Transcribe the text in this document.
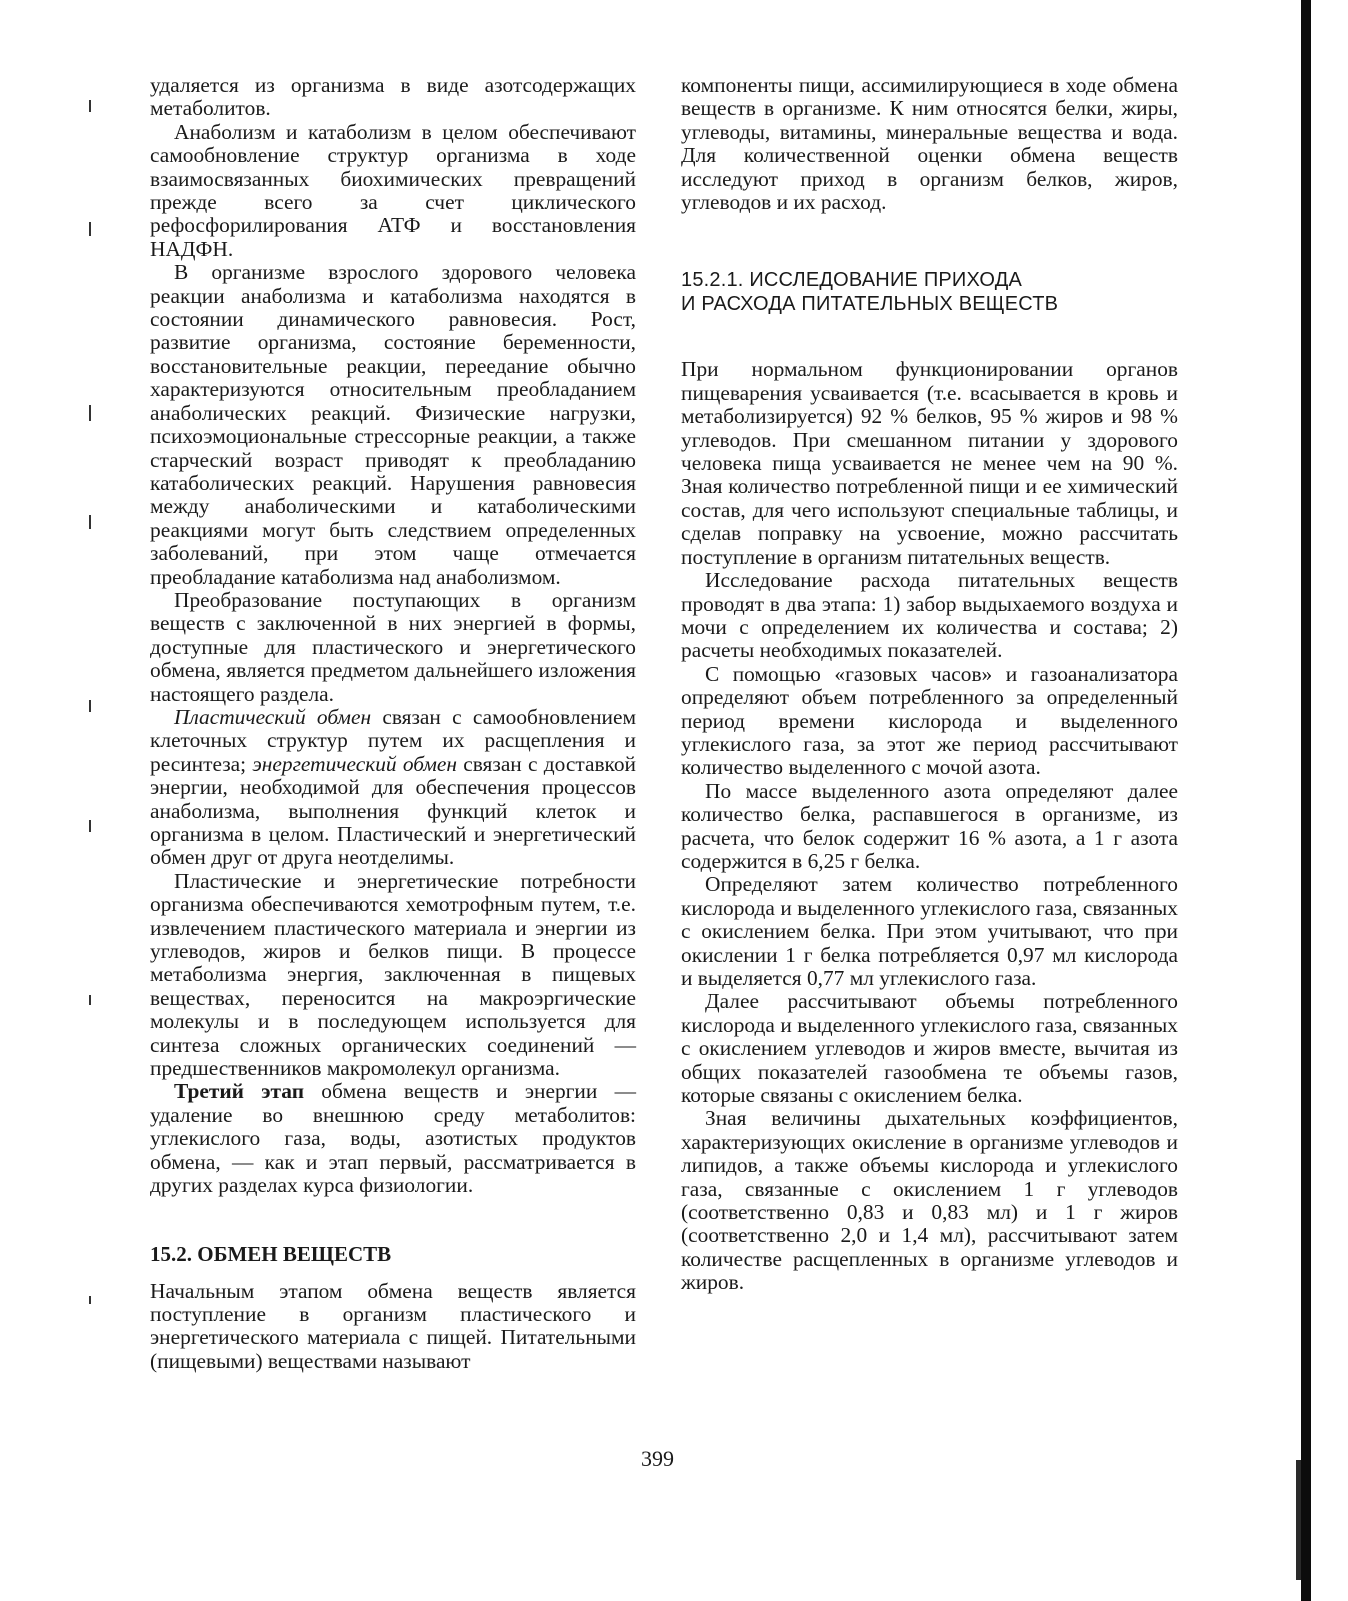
удаляется из организма в виде азотсодержащих метаболитов.

Анаболизм и катаболизм в целом обеспечивают самообновление структур организма в ходе взаимосвязанных биохимических превращений прежде всего за счет циклического рефосфорилирования АТФ и восстановления НАДФН.

В организме взрослого здорового человека реакции анаболизма и катаболизма находятся в состоянии динамического равновесия. Рост, развитие организма, состояние беременности, восстановительные реакции, переедание обычно характеризуются относительным преобладанием анаболических реакций. Физические нагрузки, психоэмоциональные стрессорные реакции, а также старческий возраст приводят к преобладанию катаболических реакций. Нарушения равновесия между анаболическими и катаболическими реакциями могут быть следствием определенных заболеваний, при этом чаще отмечается преобладание катаболизма над анаболизмом.

Преобразование поступающих в организм веществ с заключенной в них энергией в формы, доступные для пластического и энергетического обмена, является предметом дальнейшего изложения настоящего раздела.

Пластический обмен связан с самообновлением клеточных структур путем их расщепления и ресинтеза; энергетический обмен связан с доставкой энергии, необходимой для обеспечения процессов анаболизма, выполнения функций клеток и организма в целом. Пластический и энергетический обмен друг от друга неотделимы.

Пластические и энергетические потребности организма обеспечиваются хемотрофным путем, т.е. извлечением пластического материала и энергии из углеводов, жиров и белков пищи. В процессе метаболизма энергия, заключенная в пищевых веществах, переносится на макроэргические молекулы и в последующем используется для синтеза сложных органических соединений — предшественников макромолекул организма.

Третий этап обмена веществ и энергии — удаление во внешнюю среду метаболитов: углекислого газа, воды, азотистых продуктов обмена, — как и этап первый, рассматривается в других разделах курса физиологии.

15.2. ОБМЕН ВЕЩЕСТВ

Начальным этапом обмена веществ является поступление в организм пластического и энергетического материала с пищей. Питательными (пищевыми) веществами называют

компоненты пищи, ассимилирующиеся в ходе обмена веществ в организме. К ним относятся белки, жиры, углеводы, витамины, минеральные вещества и вода. Для количественной оценки обмена веществ исследуют приход в организм белков, жиров, углеводов и их расход.

15.2.1. ИССЛЕДОВАНИЕ ПРИХОДА

И РАСХОДА ПИТАТЕЛЬНЫХ ВЕЩЕСТВ

При нормальном функционировании органов пищеварения усваивается (т.е. всасывается в кровь и метаболизируется) 92 % белков, 95 % жиров и 98 % углеводов. При смешанном питании у здорового человека пища усваивается не менее чем на 90 %. Зная количество потребленной пищи и ее химический состав, для чего используют специальные таблицы, и сделав поправку на усвоение, можно рассчитать поступление в организм питательных веществ.

Исследование расхода питательных веществ проводят в два этапа: 1) забор выдыхаемого воздуха и мочи с определением их количества и состава; 2) расчеты необходимых показателей.

С помощью «газовых часов» и газоанализатора определяют объем потребленного за определенный период времени кислорода и выделенного углекислого газа, за этот же период рассчитывают количество выделенного с мочой азота.

По массе выделенного азота определяют далее количество белка, распавшегося в организме, из расчета, что белок содержит 16 % азота, а 1 г азота содержится в 6,25 г белка.

Определяют затем количество потребленного кислорода и выделенного углекислого газа, связанных с окислением белка. При этом учитывают, что при окислении 1 г белка потребляется 0,97 мл кислорода и выделяется 0,77 мл углекислого газа.

Далее рассчитывают объемы потребленного кислорода и выделенного углекислого газа, связанных с окислением углеводов и жиров вместе, вычитая из общих показателей газообмена те объемы газов, которые связаны с окислением белка.

Зная величины дыхательных коэффициентов, характеризующих окисление в организме углеводов и липидов, а также объемы кислорода и углекислого газа, связанные с окислением 1 г углеводов (соответственно 0,83 и 0,83 мл) и 1 г жиров (соответственно 2,0 и 1,4 мл), рассчитывают затем количестве расщепленных в организме углеводов и жиров.

399
